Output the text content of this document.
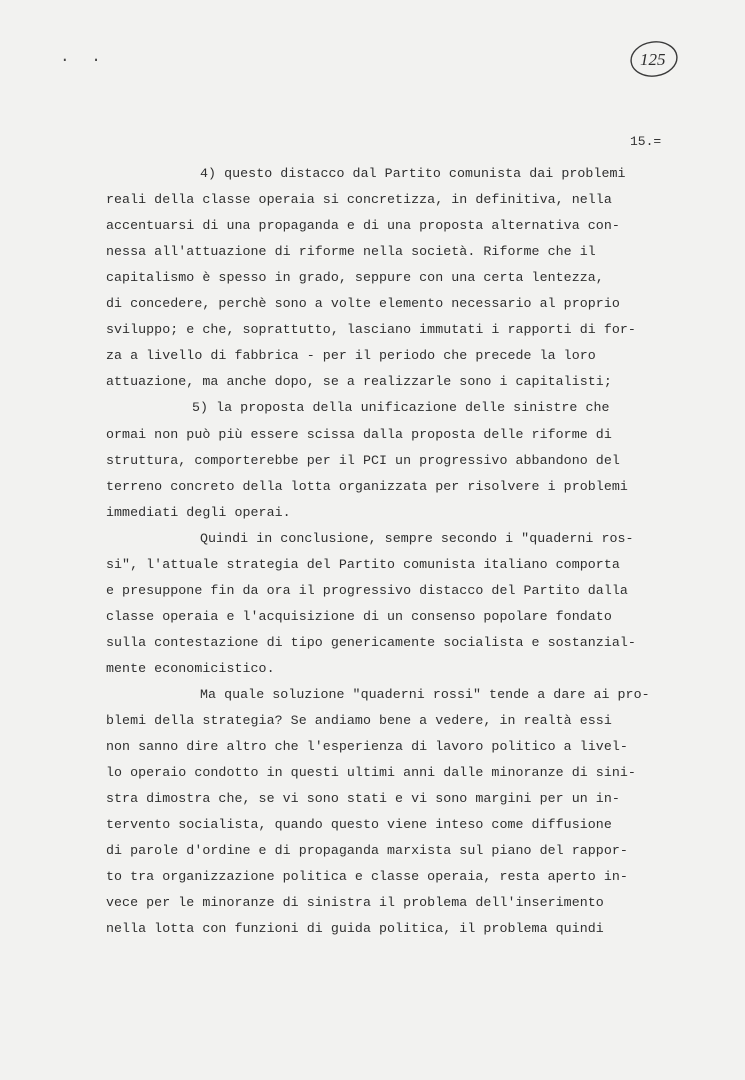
125
. .
15.=
4) questo distacco dal Partito comunista dai problemi
reali della classe operaia si concretizza, in definitiva, nella
accentuarsi di una propaganda e di una proposta alternativa con-
nessa all'attuazione di riforme nella società. Riforme che il
capitalismo è spesso in grado, seppure con una certa lentezza,
di concedere, perchè sono a volte elemento necessario al proprio
sviluppo; e che, soprattutto, lasciano immutati i rapporti di for-
za a livello di fabbrica - per il periodo che precede la loro
attuazione, ma anche dopo, se a realizzarle sono i capitalisti;
5) la proposta della unificazione delle sinistre che
ormai non può più essere scissa dalla proposta delle riforme di
struttura, comporterebbe per il PCI un progressivo abbandono del
terreno concreto della lotta organizzata per risolvere i problemi
immediati degli operai.
Quindi in conclusione, sempre secondo i "quaderni ros-
si", l'attuale strategia del Partito comunista italiano comporta
e presuppone fin da ora il progressivo distacco del Partito dalla
classe operaia e l'acquisizione di un consenso popolare fondato
sulla contestazione di tipo genericamente socialista e sostanzial-
mente economicistico.
Ma quale soluzione "quaderni rossi" tende a dare ai pro-
blemi della strategia? Se andiamo bene a vedere, in realtà essi
non sanno dire altro che l'esperienza di lavoro politico a livel-
lo operaio condotto in questi ultimi anni dalle minoranze di sini-
stra dimostra che, se vi sono stati e vi sono margini per un in-
tervento socialista, quando questo viene inteso come diffusione
di parole d'ordine e di propaganda marxista sul piano del rappor-
to tra organizzazione politica e classe operaia, resta aperto in-
vece per le minoranze di sinistra il problema dell'inserimento
nella lotta con funzioni di guida politica, il problema quindi
